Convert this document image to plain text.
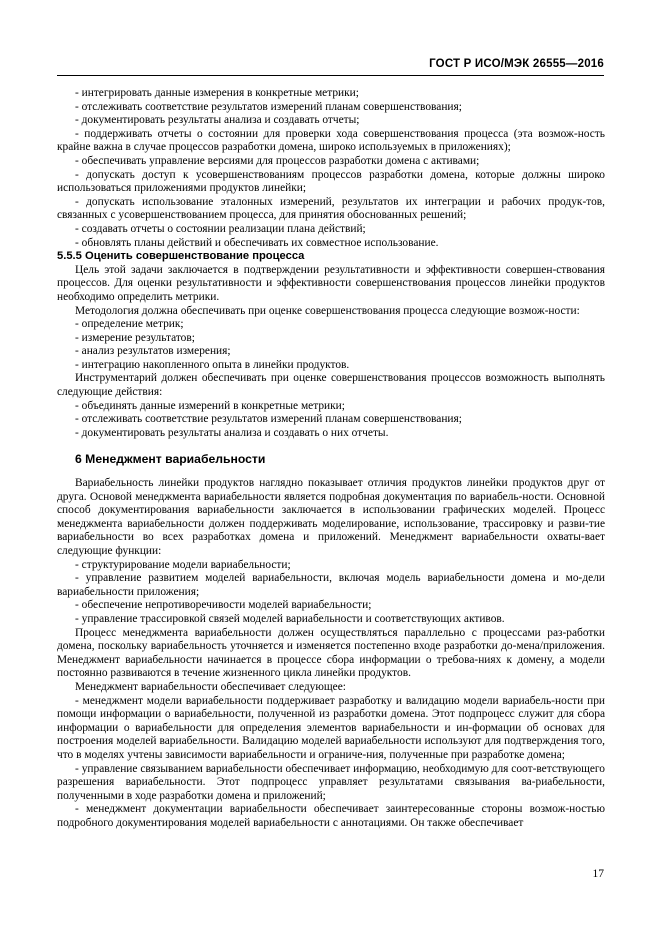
ГОСТ Р ИСО/МЭК 26555—2016

- интегрировать данные измерения в конкретные метрики;

- отслеживать соответствие результатов измерений планам совершенствования;

- документировать результаты анализа и создавать отчеты;

- поддерживать отчеты о состоянии для проверки хода совершенствования процесса (эта возмож-ность крайне важна в случае процессов разработки домена, широко используемых в приложениях);

- обеспечивать управление версиями для процессов разработки домена с активами;

- допускать доступ к усовершенствованиям процессов разработки домена, которые должны широко использоваться приложениями продуктов линейки;

- допускать использование эталонных измерений, результатов их интеграции и рабочих продук-тов, связанных с усовершенствованием процесса, для принятия обоснованных решений;

- создавать отчеты о состоянии реализации плана действий;

- обновлять планы действий и обеспечивать их совместное использование.

5.5.5 Оценить совершенствование процесса

Цель этой задачи заключается в подтверждении результативности и эффективности совершен-ствования процессов. Для оценки результативности и эффективности совершенствования процессов линейки продуктов необходимо определить метрики.

Методология должна обеспечивать при оценке совершенствования процесса следующие возмож-ности:

- определение метрик;

- измерение результатов;

- анализ результатов измерения;

- интеграцию накопленного опыта в линейки продуктов.

Инструментарий должен обеспечивать при оценке совершенствования процессов возможность выполнять следующие действия:

- объединять данные измерений в конкретные метрики;

- отслеживать соответствие результатов измерений планам совершенствования;

- документировать результаты анализа и создавать о них отчеты.

6 Менеджмент вариабельности

Вариабельность линейки продуктов наглядно показывает отличия продуктов линейки продуктов друг от друга. Основой менеджмента вариабельности является подробная документация по вариабель-ности. Основной способ документирования вариабельности заключается в использовании графических моделей. Процесс менеджмента вариабельности должен поддерживать моделирование, использование, трассировку и разви-тие вариабельности во всех разработках домена и приложений. Менеджмент вариабельности охваты-вает следующие функции:

- структурирование модели вариабельности;

- управление развитием моделей вариабельности, включая модель вариабельности домена и мо-дели вариабельности приложения;

- обеспечение непротиворечивости моделей вариабельности;

- управление трассировкой связей моделей вариабельности и соответствующих активов.

Процесс менеджмента вариабельности должен осуществляться параллельно с процессами раз-работки домена, поскольку вариабельность уточняется и изменяется постепенно входе разработки до-мена/приложения. Менеджмент вариабельности начинается в процессе сбора информации о требова-ниях к домену, а модели постоянно развиваются в течение жизненного цикла линейки продуктов.

Менеджмент вариабельности обеспечивает следующее:

- менеджмент модели вариабельности поддерживает разработку и валидацию модели вариабель-ности при помощи информации о вариабельности, полученной из разработки домена. Этот подпроцесс служит для сбора информации о вариабельности для определения элементов вариабельности и ин-формации об основах для построения моделей вариабельности. Валидацию моделей вариабельности используют для подтверждения того, что в моделях учтены зависимости вариабельности и ограниче-ния, полученные при разработке домена;

- управление связыванием вариабельности обеспечивает информацию, необходимую для соот-ветствующего разрешения вариабельности. Этот подпроцесс управляет результатами связывания ва-риабельности, полученными в ходе разработки домена и приложений;

- менеджмент документации вариабельности обеспечивает заинтересованные стороны возмож-ностью подробного документирования моделей вариабельности с аннотациями. Он также обеспечивает

17
